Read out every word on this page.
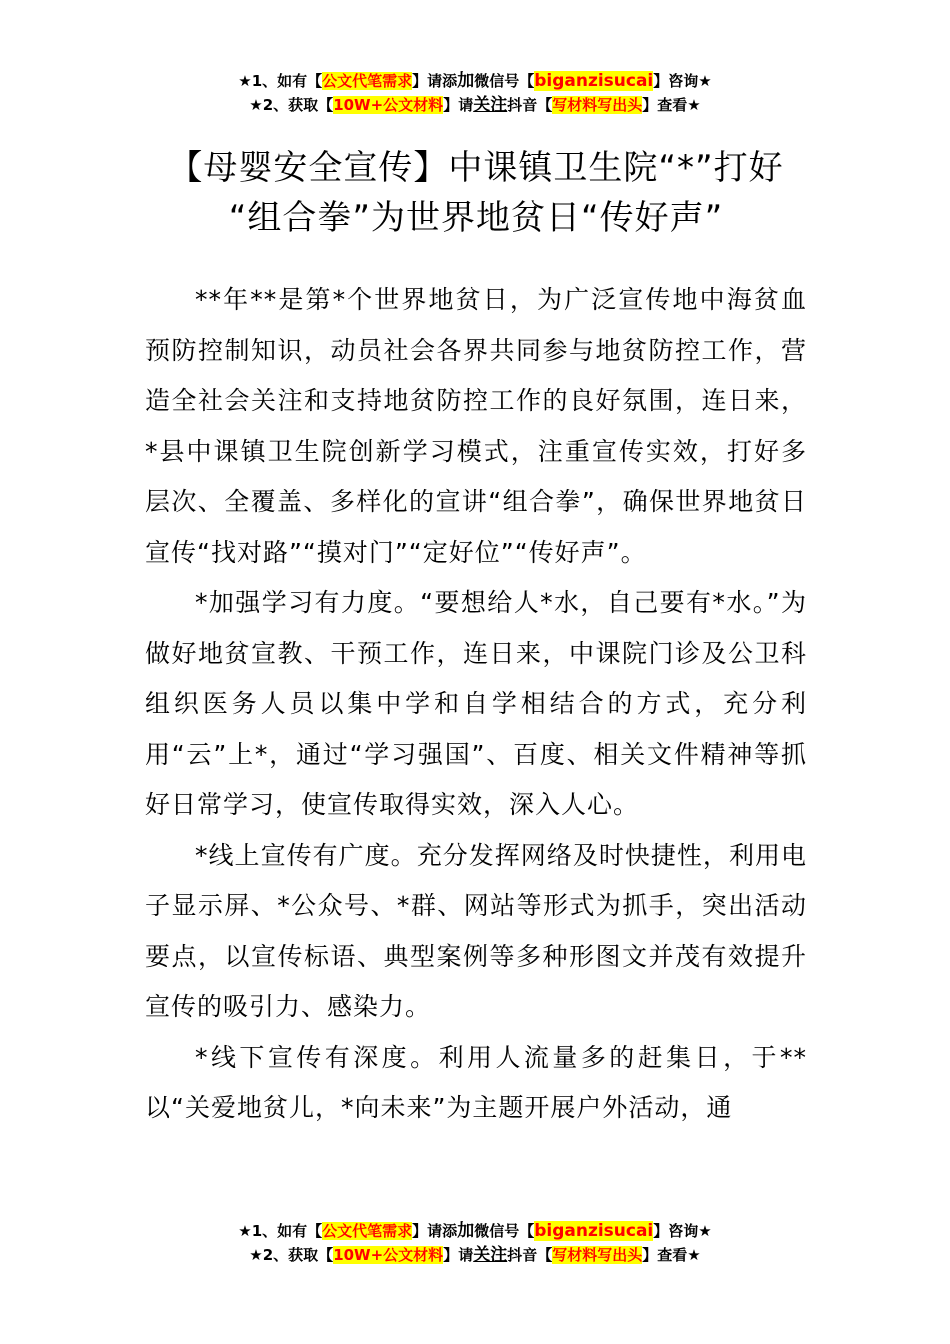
★1、如有【公文代笔需求】请添加微信号【biganzisucai】咨询★
★2、获取【10W+公文材料】请关注抖音【写材料写出头】查看★
【母婴安全宣传】中课镇卫生院“*”打好
“组合拳”为世界地贫日“传好声”

**年**是第*个世界地贫日，为广泛宣传地中海贫血预防控制知识，动员社会各界共同参与地贫防控工作，营造全社会关注和支持地贫防控工作的良好氛围，连日来，*县中课镇卫生院创新学习模式，注重宣传实效，打好多层次、全覆盖、多样化的宣讲“组合拳”，确保世界地贫日宣传“找对路”“摸对门”“定好位”“传好声”。

*加强学习有力度。“要想给人*水，自己要有*水。”为做好地贫宣教、干预工作，连日来，中课院门诊及公卫科组织医务人员以集中学和自学相结合的方式，充分利用“云”上*，通过“学习强国”、百度、相关文件精神等抓好日常学习，使宣传取得实效，深入人心。

*线上宣传有广度。充分发挥网络及时快捷性，利用电子显示屏、*公众号、*群、网站等形式为抓手，突出活动要点，以宣传标语、典型案例等多种形图文并茂有效提升宣传的吸引力、感染力。

*线下宣传有深度。利用人流量多的赶集日，于**以“关爱地贫儿，*向未来”为主题开展户外活动，通

★1、如有【公文代笔需求】请添加微信号【biganzisucai】咨询★
★2、获取【10W+公文材料】请关注抖音【写材料写出头】查看★
